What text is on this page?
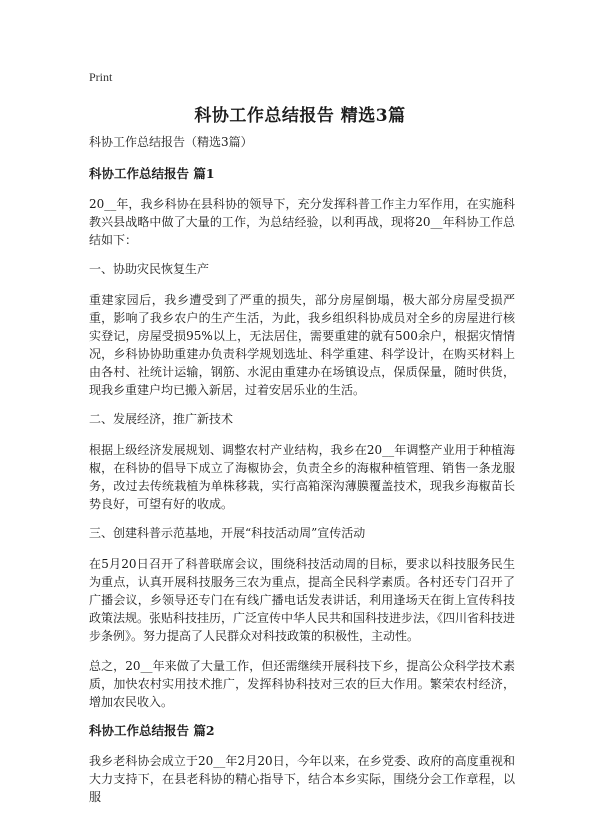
Print
科协工作总结报告 精选3篇

科协工作总结报告（精选3篇）

科协工作总结报告 篇1

20__年，我乡科协在县科协的领导下，充分发挥科普工作主力军作用，在实施科教兴县战略中做了大量的工作，为总结经验，以利再战，现将20__年科协工作总结如下：

一、协助灾民恢复生产

重建家园后，我乡遭受到了严重的损失，部分房屋倒塌，极大部分房屋受损严重，影响了我乡农户的生产生活，为此，我乡组织科协成员对全乡的房屋进行核实登记，房屋受损95%以上，无法居住，需要重建的就有500余户，根据灾情情况，乡科协协助重建办负责科学规划选址、科学重建、科学设计，在购买材料上由各村、社统计运输，钢筋、水泥由重建办在场镇设点，保质保量，随时供货，现我乡重建户均已搬入新居，过着安居乐业的生活。

二、发展经济，推广新技术

根据上级经济发展规划、调整农村产业结构，我乡在20__年调整产业用于种植海椒，在科协的倡导下成立了海椒协会，负责全乡的海椒种植管理、销售一条龙服务，改过去传统栽植为单株移栽，实行高箱深沟薄膜覆盖技术，现我乡海椒苗长势良好，可望有好的收成。

三、创建科普示范基地，开展“科技活动周”宣传活动

在5月20日召开了科普联席会议，围绕科技活动周的目标，要求以科技服务民生为重点，认真开展科技服务三农为重点，提高全民科学素质。各村还专门召开了广播会议，乡领导还专门在有线广播电话发表讲话，利用逢场天在街上宣传科技政策法规。张贴科技挂历，广泛宣传中华人民共和国科技进步法，《四川省科技进步条例》。努力提高了人民群众对科技政策的积极性，主动性。

总之，20__年来做了大量工作，但还需继续开展科技下乡，提高公众科学技术素质，加快农村实用技术推广，发挥科协科技对三农的巨大作用。繁荣农村经济，增加农民收入。

科协工作总结报告 篇2

我乡老科协会成立于20__年2月20日，今年以来，在乡党委、政府的高度重视和大力支持下，在县老科协的精心指导下，结合本乡实际，围绕分会工作章程，以服
